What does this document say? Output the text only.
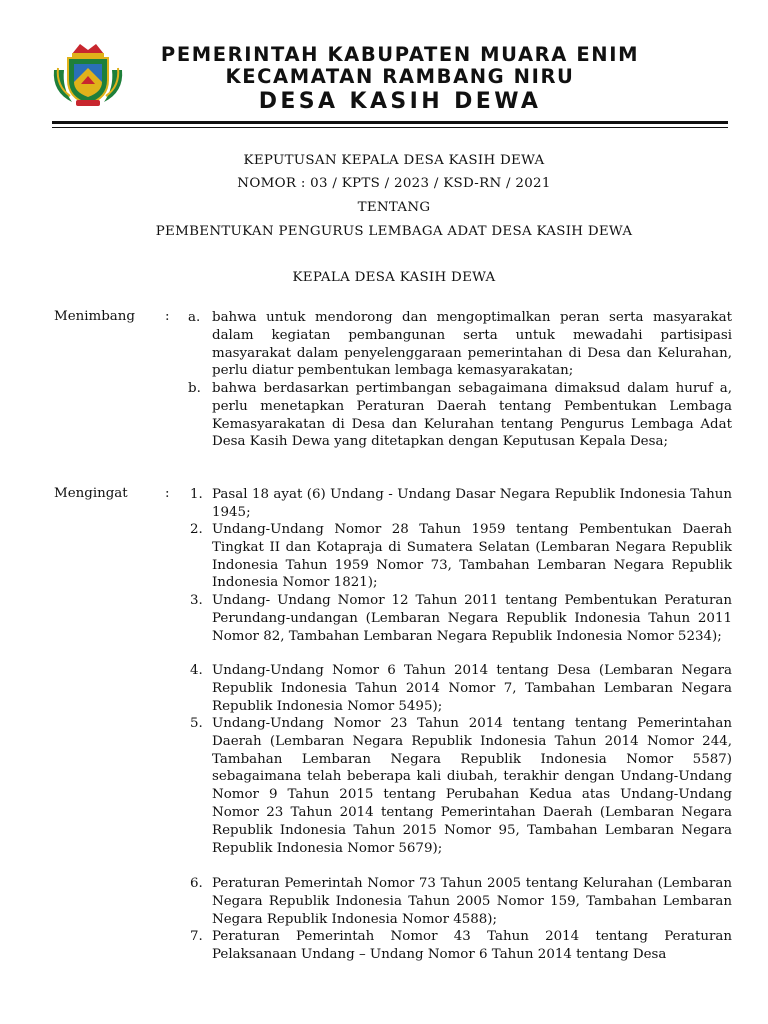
PEMERINTAH KABUPATEN MUARA ENIM
KECAMATAN RAMBANG NIRU
DESA KASIH DEWA
KEPUTUSAN KEPALA DESA KASIH DEWA
NOMOR : 03 / KPTS / 2023 / KSD-RN / 2021
TENTANG
PEMBENTUKAN PENGURUS LEMBAGA ADAT DESA KASIH DEWA
KEPALA DESA KASIH DEWA
Menimbang : a. bahwa untuk mendorong dan mengoptimalkan peran serta masyarakat dalam kegiatan pembangunan serta untuk mewadahi partisipasi masyarakat dalam penyelenggaraan pemerintahan di Desa dan Kelurahan, perlu diatur pembentukan lembaga kemasyarakatan;

b. bahwa berdasarkan pertimbangan sebagaimana dimaksud dalam huruf a, perlu menetapkan Peraturan Daerah tentang Pembentukan Lembaga Kemasyarakatan di Desa dan Kelurahan tentang Pengurus Lembaga Adat Desa Kasih Dewa yang ditetapkan dengan Keputusan Kepala Desa;

Mengingat	: 1. Pasal 18 ayat (6) Undang - Undang Dasar Negara Republik Indonesia Tahun 1945;

2. Undang-Undang Nomor 28 Tahun 1959 tentang Pembentukan Daerah Tingkat II dan Kotapraja di Sumatera Selatan (Lembaran Negara Republik Indonesia Tahun 1959 Nomor 73, Tambahan Lembaran Negara Republik Indonesia Nomor 1821);

3. Undang- Undang Nomor 12 Tahun 2011 tentang Pembentukan Peraturan Perundang-undangan (Lembaran Negara Republik Indonesia Tahun 2011 Nomor 82, Tambahan Lembaran Negara Republik Indonesia Nomor 5234);

4. Undang-Undang Nomor 6 Tahun 2014 tentang Desa (Lembaran Negara Republik Indonesia Tahun 2014 Nomor 7, Tambahan Lembaran Negara Republik Indonesia Nomor 5495);

5. Undang-Undang Nomor 23 Tahun 2014 tentang tentang Pemerintahan Daerah (Lembaran Negara Republik Indonesia Tahun 2014 Nomor 244, Tambahan Lembaran Negara Republik Indonesia Nomor 5587) sebagaimana telah beberapa kali diubah, terakhir dengan Undang-Undang Nomor 9 Tahun 2015 tentang Perubahan Kedua atas Undang-Undang Nomor 23 Tahun 2014 tentang Pemerintahan Daerah (Lembaran Negara Republik Indonesia Tahun 2015 Nomor 95, Tambahan Lembaran Negara Republik Indonesia Nomor 5679);

6. Peraturan Pemerintah Nomor 73 Tahun 2005 tentang Kelurahan (Lembaran Negara Republik Indonesia Tahun 2005 Nomor 159, Tambahan Lembaran Negara Republik Indonesia Nomor 4588);

7. Peraturan Pemerintah Nomor 43 Tahun 2014 tentang Peraturan Pelaksanaan Undang – Undang Nomor 6 Tahun 2014 tentang Desa
